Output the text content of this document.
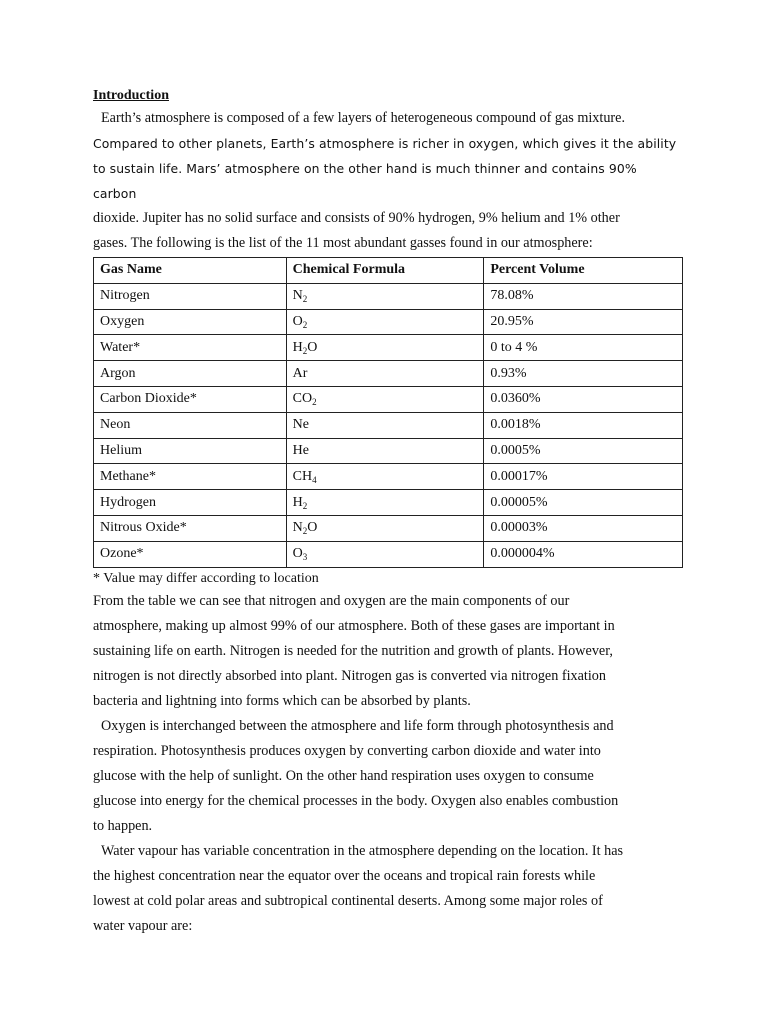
Introduction

Earth’s atmosphere is composed of a few layers of heterogeneous compound of gas mixture.

Compared to other planets, Earth’s atmosphere is richer in oxygen, which gives it the ability

to sustain life. Mars’ atmosphere on the other hand is much thinner and contains 90% carbon

dioxide. Jupiter has no solid surface and consists of 90% hydrogen, 9% helium and 1% other

gases. The following is the list of the 11 most abundant gasses found in our atmosphere:

Gas Name	Chemical Formula	Percent Volume
Nitrogen	$N_2$	78.08%
Oxygen	$O_2$	20.95%
Water*	$H_2O$	0 to 4 %
Argon	Ar	0.93%
Carbon Dioxide*	$CO_2$	0.0360%
Neon	Ne	0.0018%
Helium	He	0.0005%
Methane*	$CH_4$	0.00017%
Hydrogen	$H_2$	0.00005%
Nitrous Oxide*	$N_2O$	0.00003%
Ozone*	$O_3$	0.000004%

* Value may differ according to location

From the table we can see that nitrogen and oxygen are the main components of our

atmosphere, making up almost 99% of our atmosphere. Both of these gases are important in

sustaining life on earth. Nitrogen is needed for the nutrition and growth of plants. However,

nitrogen is not directly absorbed into plant. Nitrogen gas is converted via nitrogen fixation

bacteria and lightning into forms which can be absorbed by plants.

Oxygen is interchanged between the atmosphere and life form through photosynthesis and

respiration. Photosynthesis produces oxygen by converting carbon dioxide and water into

glucose with the help of sunlight. On the other hand respiration uses oxygen to consume

glucose into energy for the chemical processes in the body. Oxygen also enables combustion

to happen.

Water vapour has variable concentration in the atmosphere depending on the location. It has

the highest concentration near the equator over the oceans and tropical rain forests while

lowest at cold polar areas and subtropical continental deserts. Among some major roles of

water vapour are:
